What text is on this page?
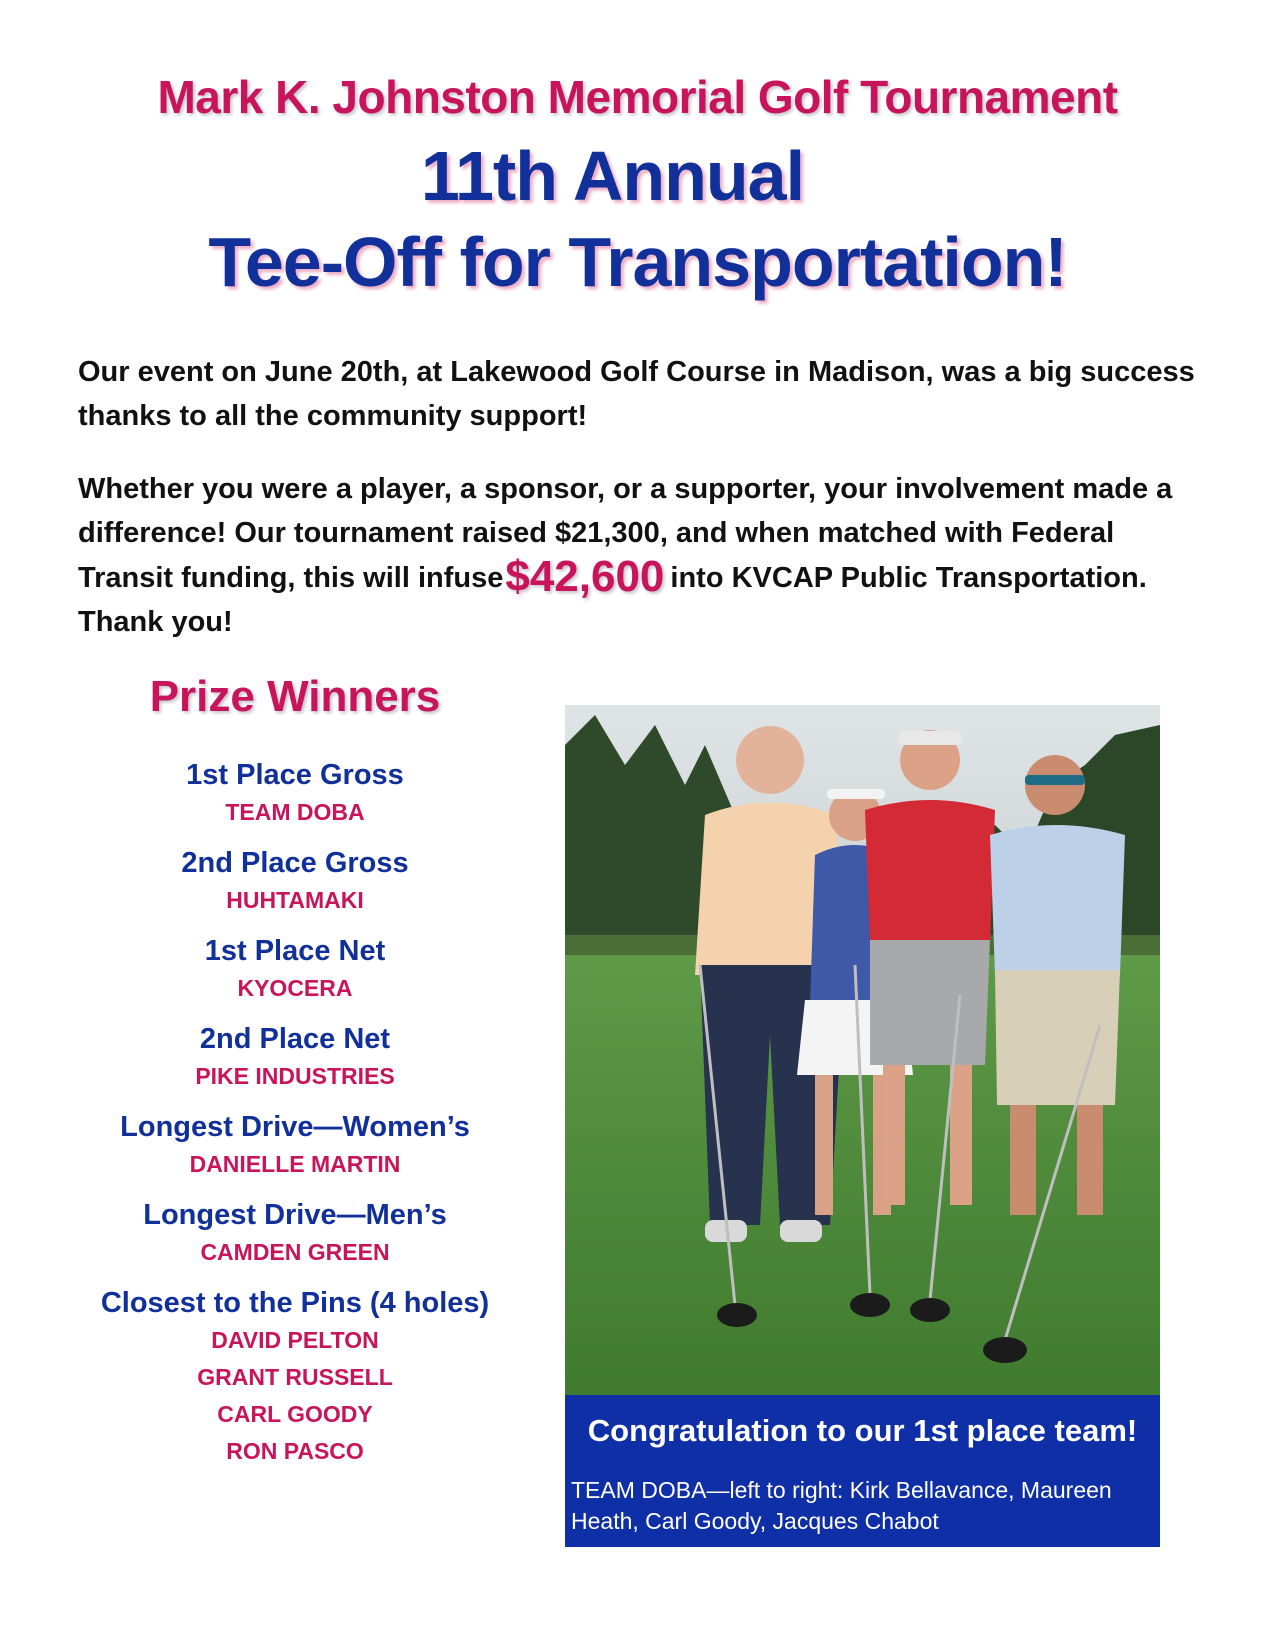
Mark K. Johnston Memorial Golf Tournament
11th Annual
Tee-Off for Transportation!
Our event on June 20th, at Lakewood Golf Course in Madison, was a big success thanks to all the community support!
Whether you were a player, a sponsor, or a supporter, your involvement made a difference! Our tournament raised $21,300, and when matched with Federal Transit funding, this will infuse$42,600 into KVCAP Public Transportation. Thank you!
Prize Winners
1st Place Gross
TEAM DOBA
2nd Place Gross
HUHTAMAKI
1st Place Net
KYOCERA
2nd Place Net
PIKE INDUSTRIES
Longest Drive—Women’s
DANIELLE MARTIN
Longest Drive—Men’s
CAMDEN GREEN
Closest to the Pins (4 holes)
DAVID PELTON
GRANT RUSSELL
CARL GOODY
RON PASCO
Congratulation to our 1st place team!
TEAM DOBA—left to right: Kirk Bellavance, Maureen Heath, Carl Goody, Jacques Chabot
